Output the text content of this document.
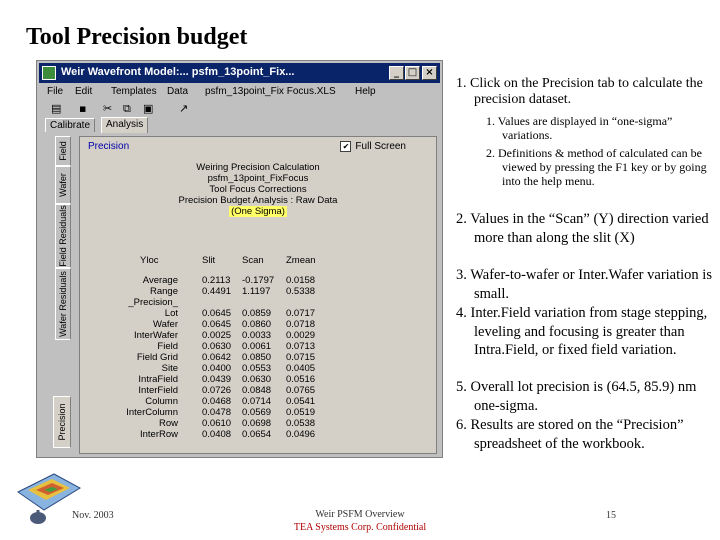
Tool Precision budget
Weir Wavefront Model:... psfm_13point_Fix...	_ □ ×
File Edit Templates Data psfm_13point_Fix Focus.XLS Help
▤ ▪ ✂ ⧉ ▣ ↗
Calibrate	Analysis
Field
Wafer
Field Residuals
Wafer Residuals
Precision
Precision	✔ Full Screen
Weiring Precision Calculation
psfm_13point_FixFocus
Tool Focus Corrections
Precision Budget Analysis : Raw Data
(One Sigma)
Yloc	Slit	Scan Zmean
Average	0.2113 -0.1797 0.0158
Range	0.4491 1.1197 0.5338
_Precision_
Lot	0.0645 0.0859 0.0717
Wafer	0.0645 0.0860 0.0718
InterWafer	0.0025 0.0033 0.0029
Field	0.0630 0.0061 0.0713
Field Grid	0.0642 0.0850 0.0715
Site	0.0400 0.0553 0.0405
IntraField	0.0439 0.0630 0.0516
InterField	0.0726 0.0848 0.0765
Column	0.0468 0.0714 0.0541
InterColumn	0.0478 0.0569 0.0519
Row	0.0610 0.0698 0.0538
InterRow	0.0408 0.0654 0.0496
1. Click on the Precision tab to calculate the precision dataset.
1. Values are displayed in “one-sigma” variations.
2. Definitions & method of calculated can be viewed by pressing the F1 key or by going into the help menu.
2. Values in the “Scan” (Y) direction varied more than along the slit (X)
3. Wafer-to-wafer or Inter.Wafer variation is small.
4. Inter.Field variation from stage stepping, leveling and focusing is greater than Intra.Field, or fixed field variation.
5. Overall lot precision is (64.5, 85.9) nm one-sigma.
6. Results are stored on the “Precision” spreadsheet of the workbook.
Nov. 2003	Weir PSFM Overview
TEA Systems Corp. Confidential
15
